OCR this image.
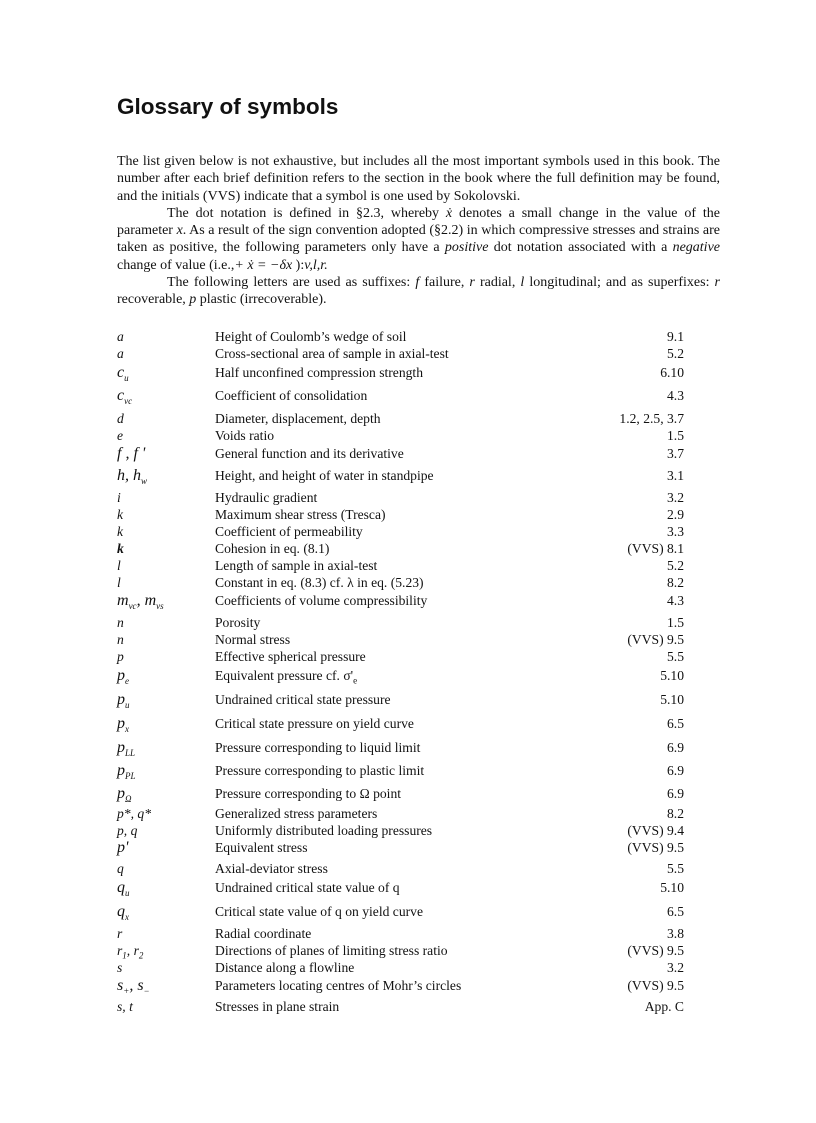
Glossary of symbols

The list given below is not exhaustive, but includes all the most important symbols used in this book. The number after each brief definition refers to the section in the book where the full definition may be found, and the initials (VVS) indicate that a symbol is one used by Sokolovski.

The dot notation is defined in §2.3, whereby ẋ denotes a small change in the value of the parameter x. As a result of the sign convention adopted (§2.2) in which compressive stresses and strains are taken as positive, the following parameters only have a positive dot notation associated with a negative change of value (i.e.,+ ẋ = −δx ):v,l,r.

The following letters are used as suffixes: f failure, r radial, l longitudinal; and as superfixes: r recoverable, p plastic (irrecoverable).

a	Height of Coulomb’s wedge of soil	9.1
a	Cross-sectional area of sample in axial-test	5.2
$c_u$	Half unconfined compression strength	6.10
$c_{vc}$	Coefficient of consolidation	4.3
d	Diameter, displacement, depth	1.2, 2.5, 3.7
e	Voids ratio	1.5
f , f '	General function and its derivative	3.7
h, $h_w$	Height, and height of water in standpipe	3.1
i	Hydraulic gradient	3.2
k	Maximum shear stress (Tresca)	2.9
k	Coefficient of permeability	3.3
k	Cohesion in eq. (8.1)	(VVS) 8.1
l	Length of sample in axial-test	5.2
l	Constant in eq. (8.3) cf. λ in eq. (5.23)	8.2
$m_{vc}$, $m_{vs}$	Coefficients of volume compressibility	4.3
n	Porosity	1.5
n	Normal stress	(VVS) 9.5
p	Effective spherical pressure	5.5
$p_e$	Equivalent pressure cf. $\sigma'_e$	5.10
$p_u$	Undrained critical state pressure	5.10
$p_x$	Critical state pressure on yield curve	6.5
$p_{LL}$	Pressure corresponding to liquid limit	6.9
$p_{PL}$	Pressure corresponding to plastic limit	6.9
$p_\Omega$	Pressure corresponding to Ω point	6.9
p*, q*	Generalized stress parameters	8.2
p, q	Uniformly distributed loading pressures	(VVS) 9.4
p'	Equivalent stress	(VVS) 9.5
q	Axial-deviator stress	5.5
$q_u$	Undrained critical state value of q	5.10
$q_x$	Critical state value of q on yield curve	6.5
r	Radial coordinate	3.8
$r_1$, $r_2$	Directions of planes of limiting stress ratio	(VVS) 9.5
s	Distance along a flowline	3.2
$s_+$, $s_-$	Parameters locating centres of Mohr’s circles	(VVS) 9.5
s, t	Stresses in plane strain	App. C
